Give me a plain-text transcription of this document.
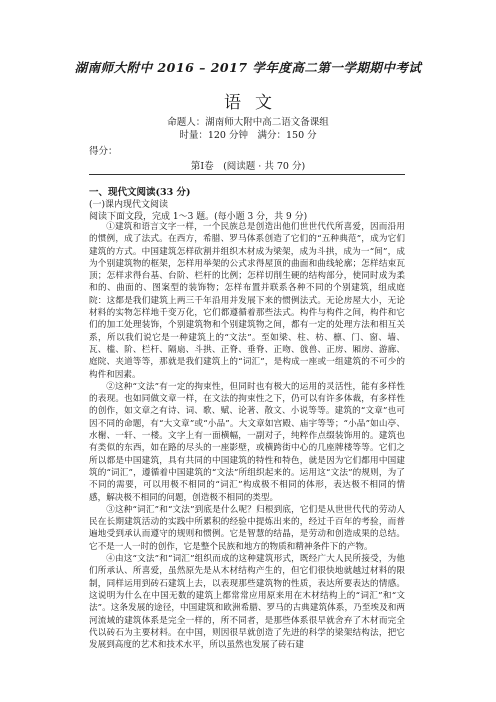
湖南师大附中 2016 – 2017 学年度高二第一学期期中考试
语文
命题人：湖南师大附中高二语文备课组
时量：120 分钟　满分：150 分
得分：
第Ⅰ卷　(阅读题 · 共 70 分)
一、现代文阅读(33 分)
(一)课内现代文阅读
阅读下面文段，完成 1～3 题。(每小题 3 分，共 9 分)

①建筑和语言文字一样，一个民族总是创造出他们世世代代所喜爱，因而沿用的惯例，成了法式。在西方，希腊、罗马体系创造了它们的“五种典范”，成为它们建筑的方式。中国建筑怎样砍割并组织木材成为梁架，成为斗拱，成为一“间”，成为个别建筑物的框架，怎样用举架的公式求得屋顶的曲面和曲线轮廓；怎样结束瓦顶；怎样求得台基、台阶、栏杆的比例；怎样切削生硬的结构部分，使同时成为柔和的、曲面的、图案型的装饰物；怎样布置并联系各种不同的个别建筑，组成庭院：这都是我们建筑上两三千年沿用并发展下来的惯例法式。无论房屋大小，无论材料的实物怎样地千变万化，它们都遵循着那些法式。构件与构件之间，构件和它们的加工处理装饰，个别建筑物和个别建筑物之间，都有一定的处理方法和相互关系，所以我们说它是一种建筑上的“文法”。至如梁、柱、枋、檩、门、窗、墙、瓦、槛、阶、栏杆、隔扇、斗拱、正脊、垂脊、正吻、戗兽、正房、厢房、游廊、庭院、夹道等等，那就是我们建筑上的“词汇”，是构成一座或一组建筑的不可少的构件和因素。

②这种“文法”有一定的拘束性，但同时也有极大的运用的灵活性，能有多样性的表现。也如同做文章一样，在文法的拘束性之下，仍可以有许多体裁，有多样性的创作，如文章之有诗、词、歌、赋、论著、散文、小说等等。建筑的“文章”也可因不同的命题，有“大文章”或“小品”。大文章如宫殿、庙宇等等；“小品”如山亭、水榭、一轩、一楼。文字上有一面横幅，一副对子，纯粹作点缀装饰用的。建筑也有类似的东西，如在路的尽头的一座影壁，或横跨街中心的几座牌楼等等。它们之所以都是中国建筑，具有共同的中国建筑的特性和特色，就是因为它们都用中国建筑的“词汇”，遵循着中国建筑的“文法”所组织起来的。运用这“文法”的规则，为了不同的需要，可以用极不相同的“词汇”构成极不相同的体形，表达极不相同的情感，解决极不相同的问题，创造极不相同的类型。

③这种“词汇”和“文法”到底是什么呢？归根到底，它们是从世世代代的劳动人民在长期建筑活动的实践中所累积的经验中提炼出来的，经过千百年的考验，而普遍地受到承认而遵守的规则和惯例。它是智慧的结晶，是劳动和创造成果的总结。它不是一人一时的创作，它是整个民族和地方的物质和精神条件下的产物。

④由这“文法”和“词汇”组织而成的这种建筑形式，既经广大人民所接受，为他们所承认、所喜爱，虽然原先是从木材结构产生的，但它们很快地就越过材料的限制，同样运用到砖石建筑上去，以表现那些建筑物的性质，表达所要表达的情感。这说明为什么在中国无数的建筑上都常常应用原来用在木材结构上的“词汇”和“文法”。这条发展的途径，中国建筑和欧洲希腊、罗马的古典建筑体系，乃至埃及和两河流域的建筑体系是完全一样的，所不同者，是那些体系很早就舍弃了木材而完全代以砖石为主要材料。在中国，则因很早就创造了先进的科学的梁架结构法，把它发展到高度的艺术和技术水平，所以虽然也发展了砖石建
